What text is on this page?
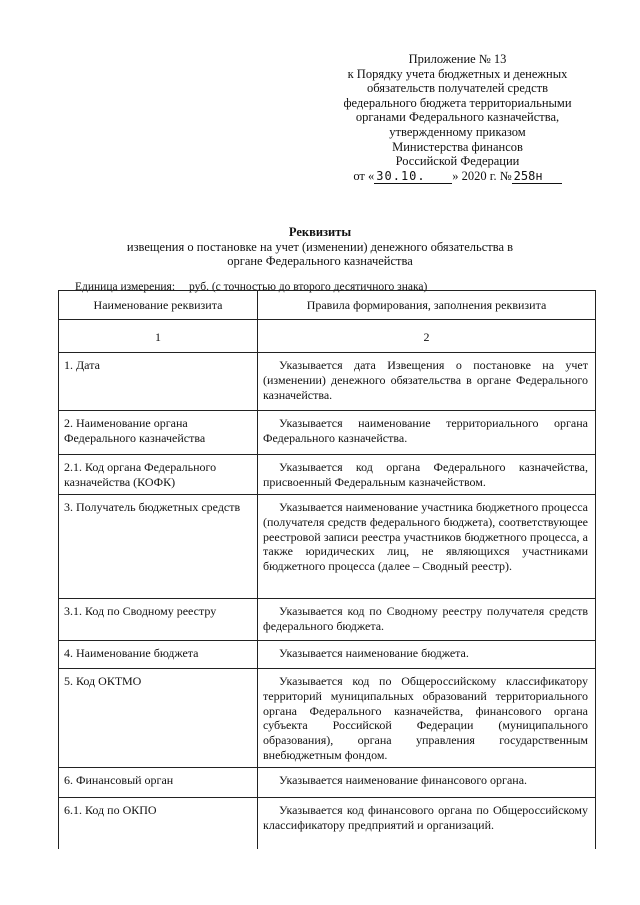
Приложение № 13
к Порядку учета бюджетных и денежных
обязательств получателей средств
федерального бюджета территориальными
органами Федерального казначейства,
утвержденному приказом
Министерства финансов
Российской Федерации
от « 30.10. » 2020 г. № 258н
Реквизиты
извещения о постановке на учет (изменении) денежного обязательства в
органе Федерального казначейства
Единица измерения: руб. (с точностью до второго десятичного знака)
Наименование реквизита	Правила формирования, заполнения реквизита
1	2
1. Дата	Указывается дата Извещения о постановке на учет (изменении) денежного обязательства в органе Федерального казначейства.
2. Наименование органа Федерального казначейства	Указывается наименование территориального органа Федерального казначейства.
2.1. Код органа Федерального казначейства (КОФК)	Указывается код органа Федерального казначейства, присвоенный Федеральным казначейством.
3. Получатель бюджетных средств	Указывается наименование участника бюджетного процесса (получателя средств федерального бюджета), соответствующее реестровой записи реестра участников бюджетного процесса, а также юридических лиц, не являющихся участниками бюджетного процесса (далее – Сводный реестр).
3.1. Код по Сводному реестру	Указывается код по Сводному реестру получателя средств федерального бюджета.
4. Наименование бюджета	Указывается наименование бюджета.
5. Код ОКТМО	Указывается код по Общероссийскому классификатору территорий муниципальных образований территориального органа Федерального казначейства, финансового органа субъекта Российской Федерации (муниципального образования), органа управления государственным внебюджетным фондом.
6. Финансовый орган	Указывается наименование финансового органа.
6.1. Код по ОКПО	Указывается код финансового органа по Общероссийскому классификатору предприятий и организаций.
